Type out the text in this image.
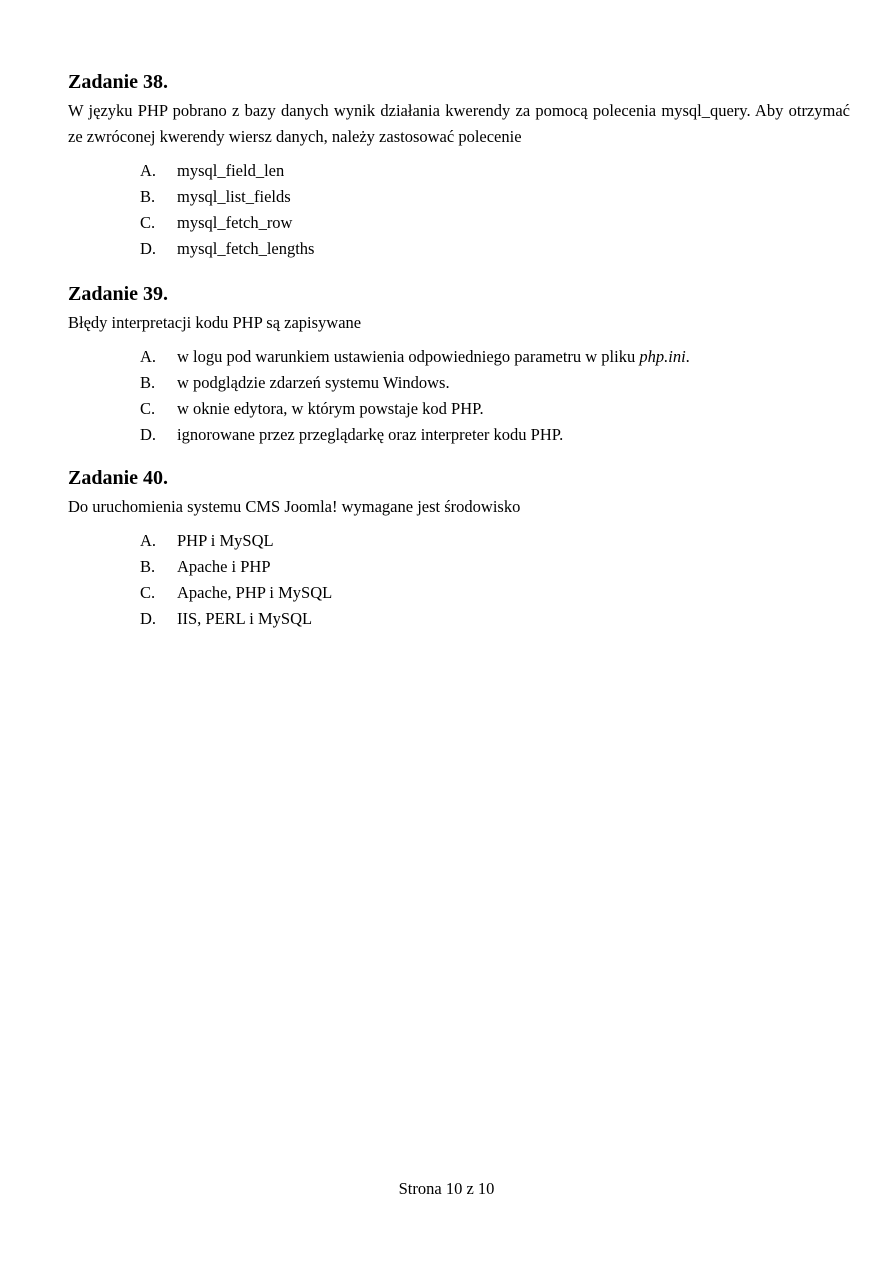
Zadanie 38.

W języku PHP pobrano z bazy danych wynik działania kwerendy za pomocą polecenia mysql_query. Aby otrzymać ze zwróconej kwerendy wiersz danych, należy zastosować polecenie

A.	mysql_field_len
B.	mysql_list_fields
C.	mysql_fetch_row
D.	mysql_fetch_lengths
Zadanie 39.

Błędy interpretacji kodu PHP są zapisywane

A.	w logu pod warunkiem ustawienia odpowiedniego parametru w pliku php.ini.
B.	w podglądzie zdarzeń systemu Windows.
C.	w oknie edytora, w którym powstaje kod PHP.
D.	ignorowane przez przeglądarkę oraz interpreter kodu PHP.
Zadanie 40.

Do uruchomienia systemu CMS Joomla! wymagane jest środowisko

A.	PHP i MySQL
B.	Apache i PHP
C.	Apache, PHP i MySQL
D.	IIS, PERL i MySQL
Strona 10 z 10
